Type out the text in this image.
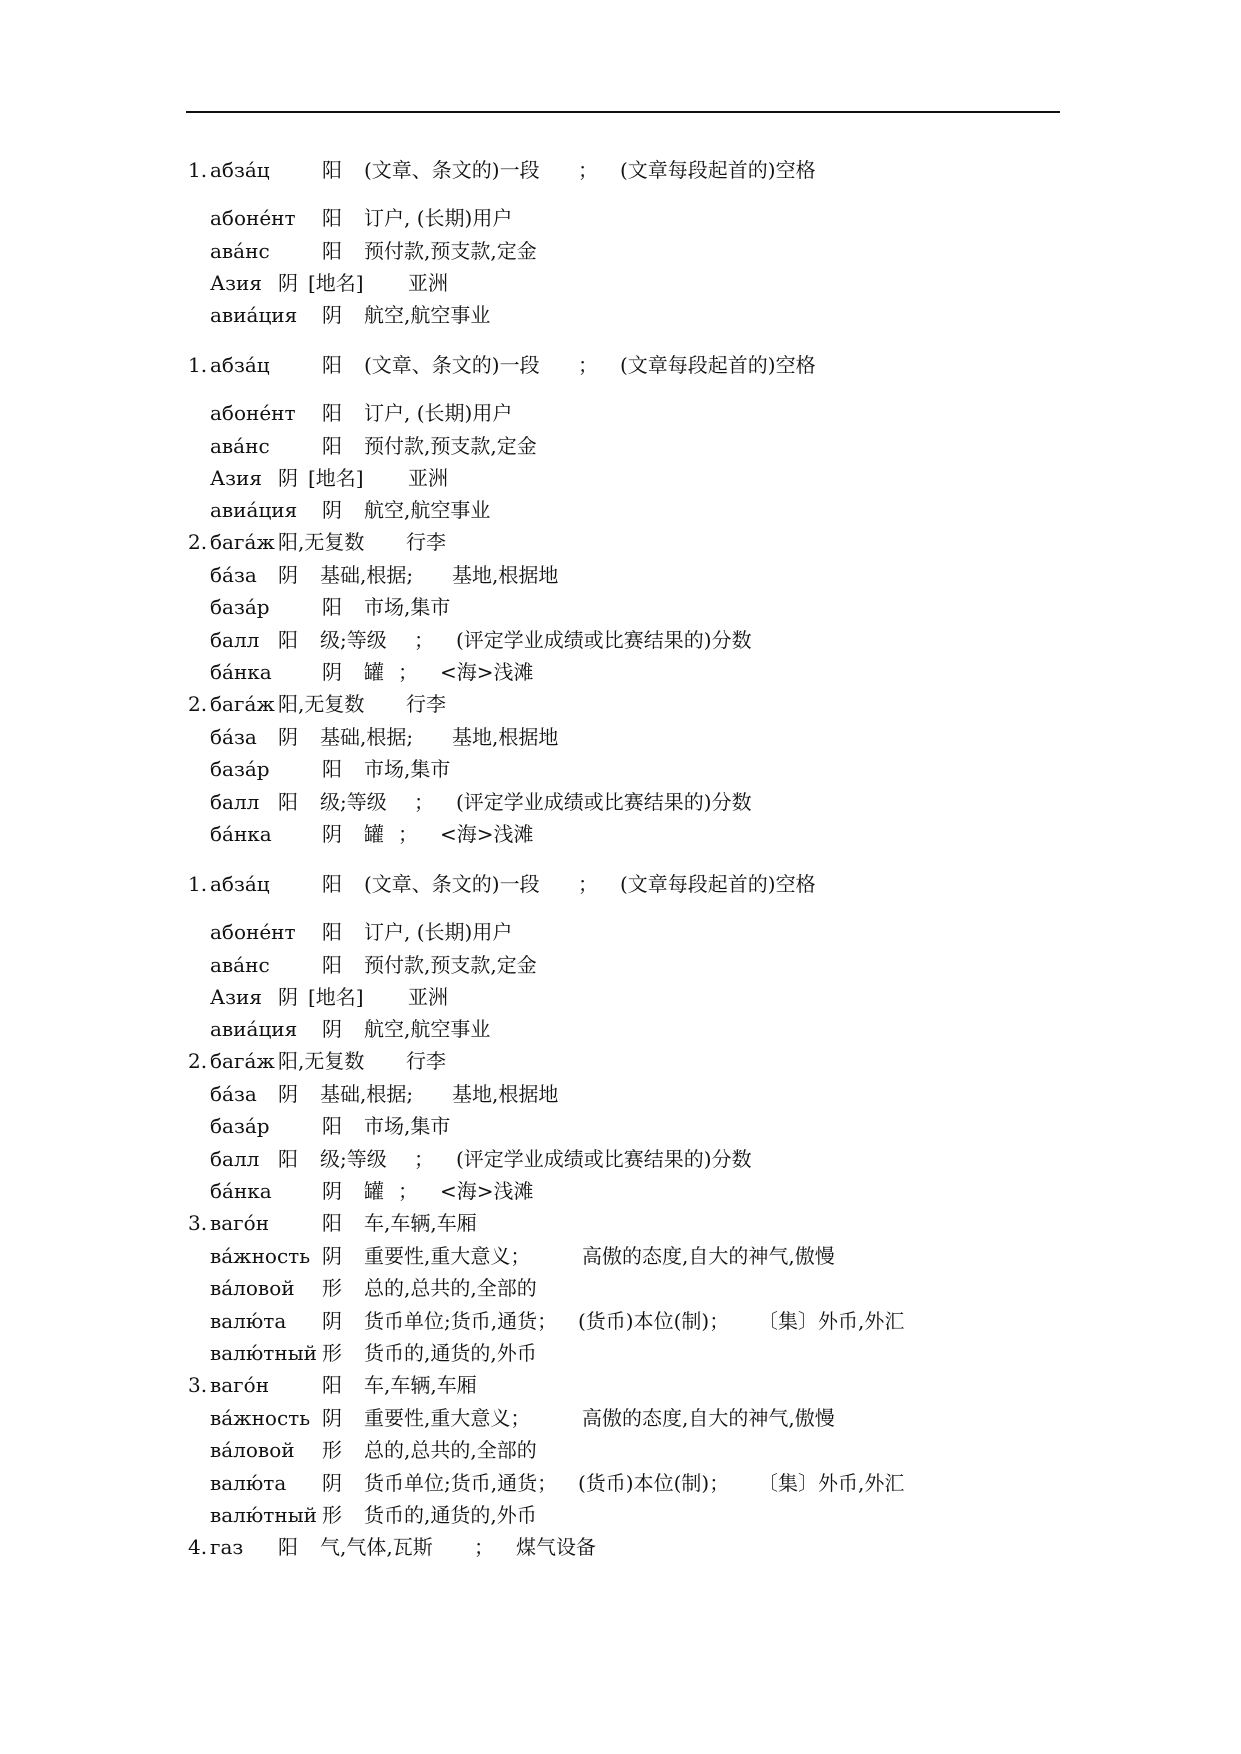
1. абза́ц	阳 (文章、条文的)一段 ； (文章每段起首的)空格
абоне́нт 阳 订户, (长期)用户
ава́нс	阳 预付款,预支款,定金
Азия 阴 [地名] 亚洲
авиа́ция 阴 航空,航空事业
1. абза́ц	阳 (文章、条文的)一段 ； (文章每段起首的)空格
абоне́нт 阳 订户, (长期)用户
ава́нс	阳 预付款,预支款,定金
Азия 阴 [地名] 亚洲
авиа́ция 阴 航空,航空事业
2. бага́ж 阳,无复数 行李
ба́за 阴 基础,根据; 基地,根据地
база́р	阳 市场,集市
балл 阳 级;等级 ； (评定学业成绩或比赛结果的)分数
ба́нка	阴 罐 ； <海>浅滩
2. бага́ж 阳,无复数 行李
ба́за 阴 基础,根据; 基地,根据地
база́р	阳 市场,集市
балл 阳 级;等级 ； (评定学业成绩或比赛结果的)分数
ба́нка	阴 罐 ； <海>浅滩
1. абза́ц	阳 (文章、条文的)一段 ； (文章每段起首的)空格
абоне́нт 阳 订户, (长期)用户
ава́нс	阳 预付款,预支款,定金
Азия 阴 [地名] 亚洲
авиа́ция 阴 航空,航空事业
2. бага́ж 阳,无复数 行李
ба́за 阴 基础,根据; 基地,根据地
база́р	阳 市场,集市
балл 阳 级;等级 ； (评定学业成绩或比赛结果的)分数
ба́нка	阴 罐 ； <海>浅滩
3. ваго́н	阳 车,车辆,车厢
ва́жность 阴 重要性,重大意义；	高傲的态度,自大的神气,傲慢
ва́ловой 形 总的,总共的,全部的
валю́та 阴 货币单位;货币,通货； (货币)本位(制)； 〔集〕外币,外汇
валю́тный 形 货币的,通货的,外币
3. ваго́н	阳 车,车辆,车厢
ва́жность 阴 重要性,重大意义；	高傲的态度,自大的神气,傲慢
ва́ловой 形 总的,总共的,全部的
валю́та 阴 货币单位;货币,通货； (货币)本位(制)； 〔集〕外币,外汇
валю́тный 形 货币的,通货的,外币
4. газ 阳 气,气体,瓦斯 ； 煤气设备
